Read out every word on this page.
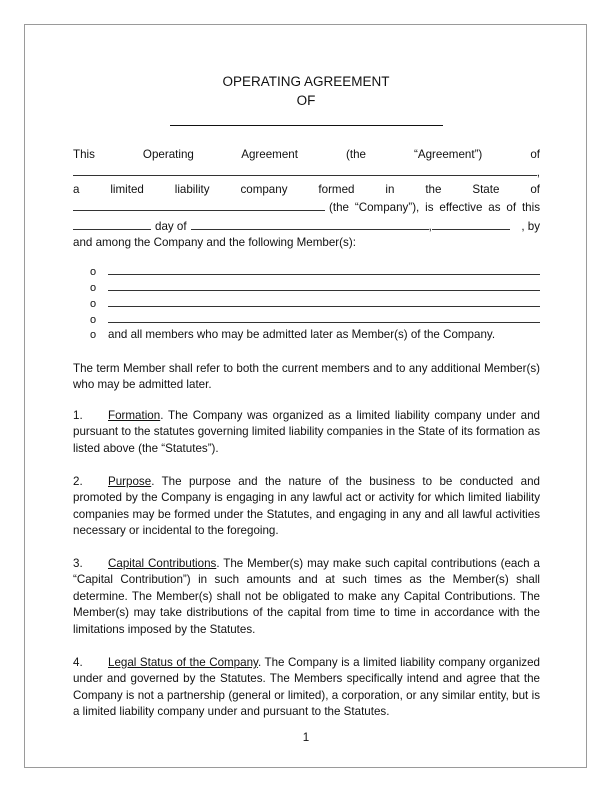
OPERATING AGREEMENT
OF
This Operating Agreement (the “Agreement”) of
,
a limited liability company formed in the State of
(the “Company”), is effective as of this
day of	,	, by
and among the Company and the following Member(s):
o
o
o
o
o	and all members who may be admitted later as Member(s) of the Company.
The term Member shall refer to both the current members and to any additional Member(s) who may be admitted later.
1. Formation. The Company was organized as a limited liability company under and pursuant to the statutes governing limited liability companies in the State of its formation as listed above (the “Statutes”).
2. Purpose. The purpose and the nature of the business to be conducted and promoted by the Company is engaging in any lawful act or activity for which limited liability companies may be formed under the Statutes, and engaging in any and all lawful activities necessary or incidental to the foregoing.
3. Capital Contributions. The Member(s) may make such capital contributions (each a “Capital Contribution”) in such amounts and at such times as the Member(s) shall determine. The Member(s) shall not be obligated to make any Capital Contributions. The Member(s) may take distributions of the capital from time to time in accordance with the limitations imposed by the Statutes.
4. Legal Status of the Company. The Company is a limited liability company organized under and governed by the Statutes. The Members specifically intend and agree that the Company is not a partnership (general or limited), a corporation, or any similar entity, but is a limited liability company under and pursuant to the Statutes.
1
